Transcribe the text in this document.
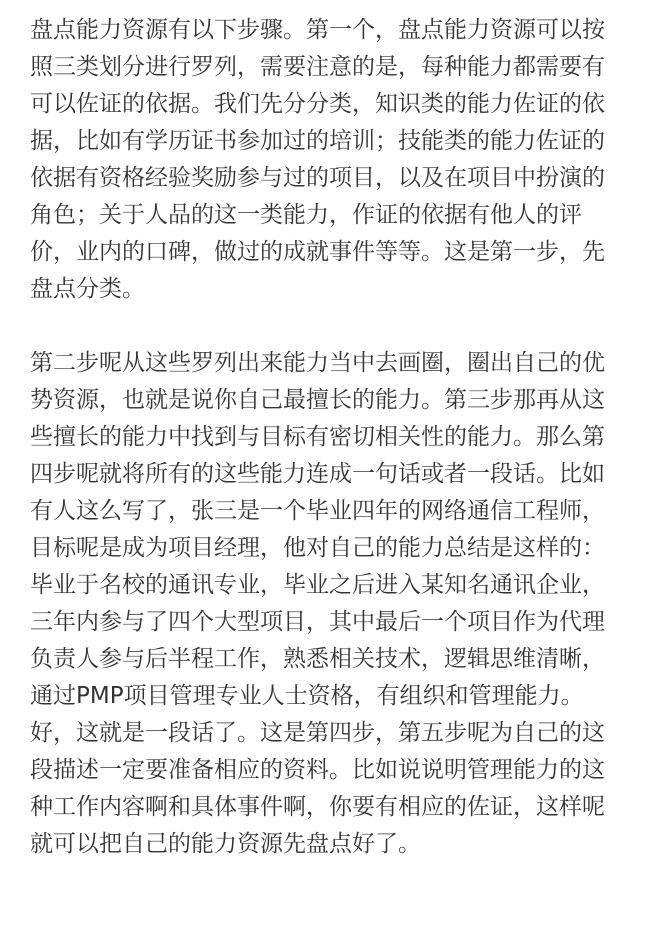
盘点能力资源有以下步骤。第一个，盘点能力资源可以按照三类划分进行罗列，需要注意的是，每种能力都需要有可以佐证的依据。我们先分分类，知识类的能力佐证的依据，比如有学历证书参加过的培训；技能类的能力佐证的依据有资格经验奖励参与过的项目，以及在项目中扮演的角色；关于人品的这一类能力，作证的依据有他人的评价，业内的口碑，做过的成就事件等等。这是第一步，先盘点分类。

第二步呢从这些罗列出来能力当中去画圈，圈出自己的优势资源，也就是说你自己最擅长的能力。第三步那再从这些擅长的能力中找到与目标有密切相关性的能力。那么第四步呢就将所有的这些能力连成一句话或者一段话。比如有人这么写了，张三是一个毕业四年的网络通信工程师，目标呢是成为项目经理，他对自己的能力总结是这样的：毕业于名校的通讯专业，毕业之后进入某知名通讯企业，三年内参与了四个大型项目，其中最后一个项目作为代理负责人参与后半程工作，熟悉相关技术，逻辑思维清晰，通过PMP项目管理专业人士资格，有组织和管理能力。好，这就是一段话了。这是第四步，第五步呢为自己的这段描述一定要准备相应的资料。比如说说明管理能力的这种工作内容啊和具体事件啊，你要有相应的佐证，这样呢就可以把自己的能力资源先盘点好了。
